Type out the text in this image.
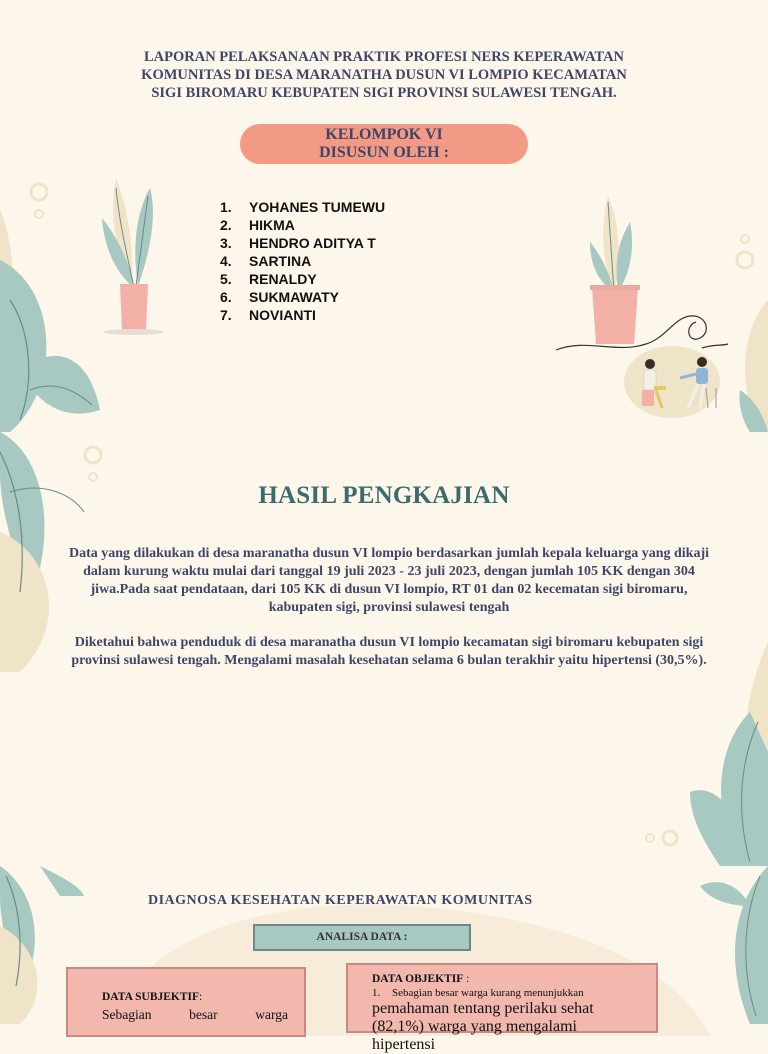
LAPORAN PELAKSANAAN PRAKTIK PROFESI NERS KEPERAWATAN
KOMUNITAS DI DESA MARANATHA DUSUN VI LOMPIO KECAMATAN
SIGI BIROMARU KEBUPATEN SIGI PROVINSI SULAWESI TENGAH.
KELOMPOK VI
DISUSUN OLEH :
1. YOHANES TUMEWU
2. HIKMA
3. HENDRO ADITYA T
4. SARTINA
5. RENALDY
6. SUKMAWATY
7. NOVIANTI
HASIL PENGKAJIAN

Data yang dilakukan di desa maranatha dusun VI lompio berdasarkan jumlah kepala keluarga yang dikaji dalam kurung waktu mulai dari tanggal 19 juli 2023 - 23 juli 2023, dengan jumlah 105 KK dengan 304 jiwa.Pada saat pendataan, dari 105 KK di dusun VI lompio, RT 01 dan 02 kecematan sigi biromaru, kabupaten sigi, provinsi sulawesi tengah

Diketahui bahwa penduduk di desa maranatha dusun VI lompio kecamatan sigi biromaru kebupaten sigi provinsi sulawesi tengah. Mengalami masalah kesehatan selama 6 bulan terakhir yaitu hipertensi (30,5%).

DIAGNOSA KESEHATAN KEPERAWATAN KOMUNITAS
ANALISA DATA :
DATA SUBJEKTIF:
Sebagian	besar	warga
DATA OBJEKTIF :
1.	Sebagian besar warga kurang menunjukkan
pemahaman tentang perilaku sehat (82,1%) warga yang mengalami hipertensi
